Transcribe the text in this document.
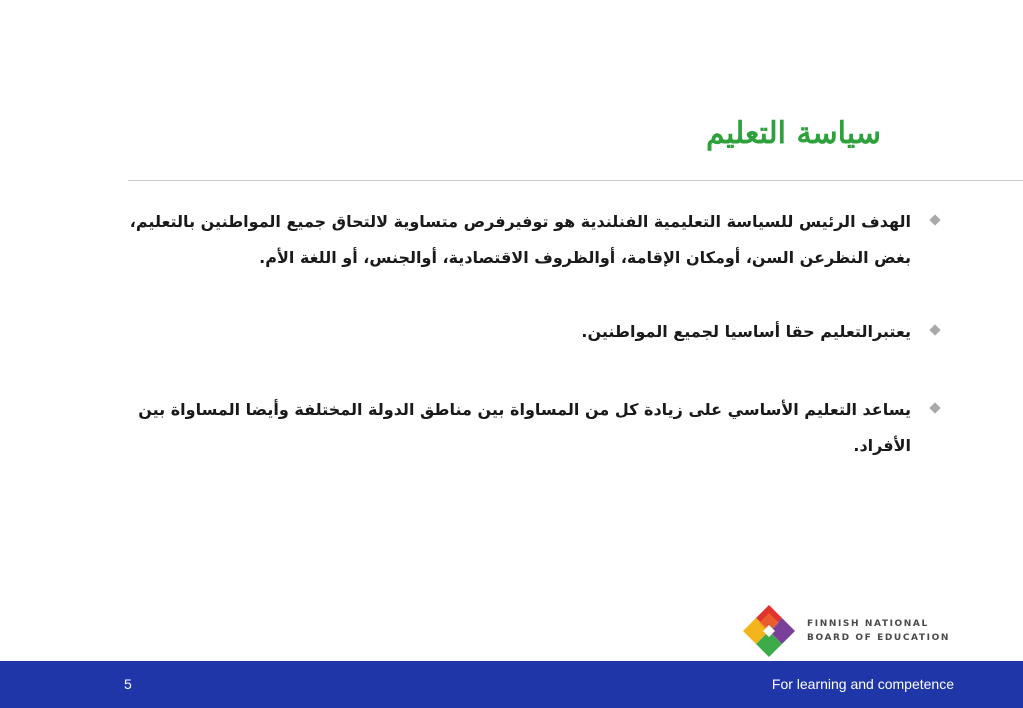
سياسة التعليم
الهدف الرئيس للسياسة التعليمية الفنلندية هو توفيرفرص متساوية لالتحاق جميع المواطنين بالتعليم، بغض النظرعن السن، أومكان الإقامة، أوالظروف الاقتصادية، أوالجنس، أو اللغة الأم.
يعتبرالتعليم حقا أساسيا لجميع المواطنين.
يساعد التعليم الأساسي على زيادة كل من المساواة بين مناطق الدولة المختلفة وأيضا المساواة بين الأفراد.
FINNISH NATIONAL
BOARD OF EDUCATION
5	For learning and competence
